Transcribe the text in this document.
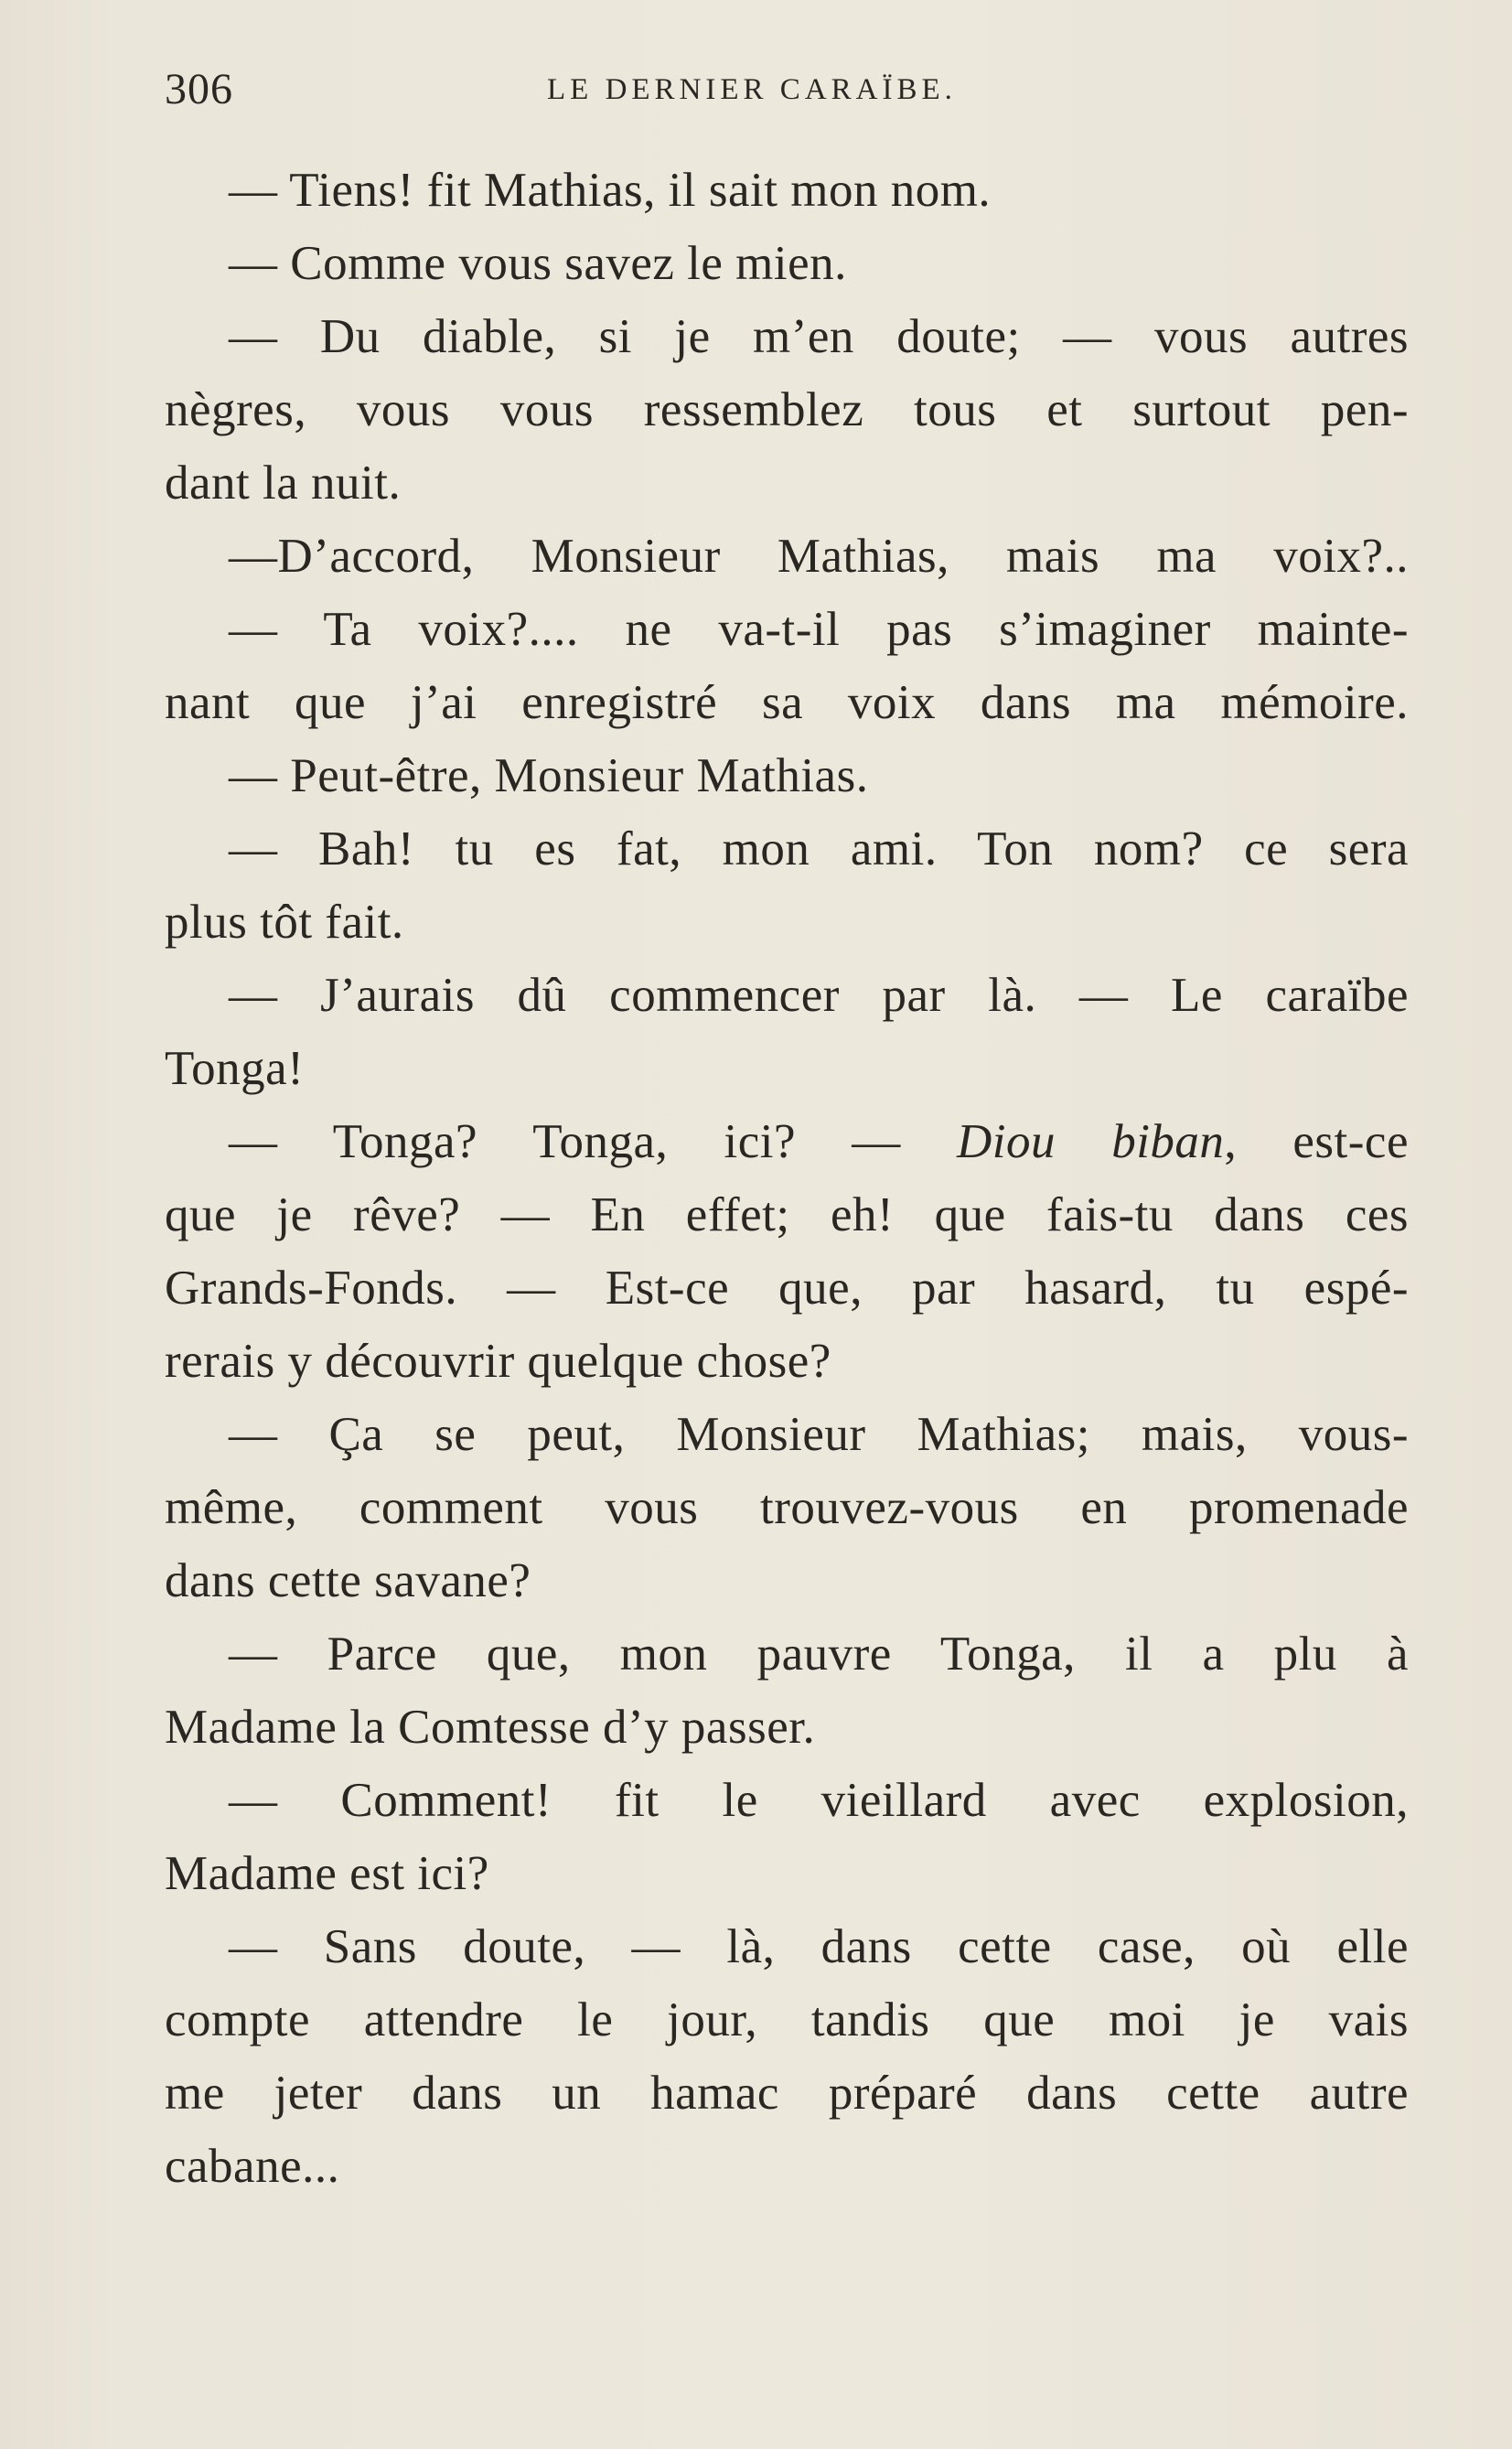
306	LE DERNIER CARAÏBE.
— Tiens! fit Mathias, il sait mon nom.
— Comme vous savez le mien.
— Du diable, si je m’en doute; — vous autres
nègres, vous vous ressemblez tous et surtout pen-
dant la nuit.
—D’accord, Monsieur Mathias, mais ma voix?..
— Ta voix?.... ne va-t-il pas s’imaginer mainte-
nant que j’ai enregistré sa voix dans ma mémoire.
— Peut-être, Monsieur Mathias.
— Bah! tu es fat, mon ami. Ton nom? ce sera
plus tôt fait.
— J’aurais dû commencer par là. — Le caraïbe
Tonga!
— Tonga? Tonga, ici? — Diou biban, est-ce
que je rêve? — En effet; eh! que fais-tu dans ces
Grands-Fonds. — Est-ce que, par hasard, tu espé-
rerais y découvrir quelque chose?
— Ça se peut, Monsieur Mathias; mais, vous-
même, comment vous trouvez-vous en promenade
dans cette savane?
— Parce que, mon pauvre Tonga, il a plu à
Madame la Comtesse d’y passer.
— Comment! fit le vieillard avec explosion,
Madame est ici?
— Sans doute, — là, dans cette case, où elle
compte attendre le jour, tandis que moi je vais
me jeter dans un hamac préparé dans cette autre
cabane...
